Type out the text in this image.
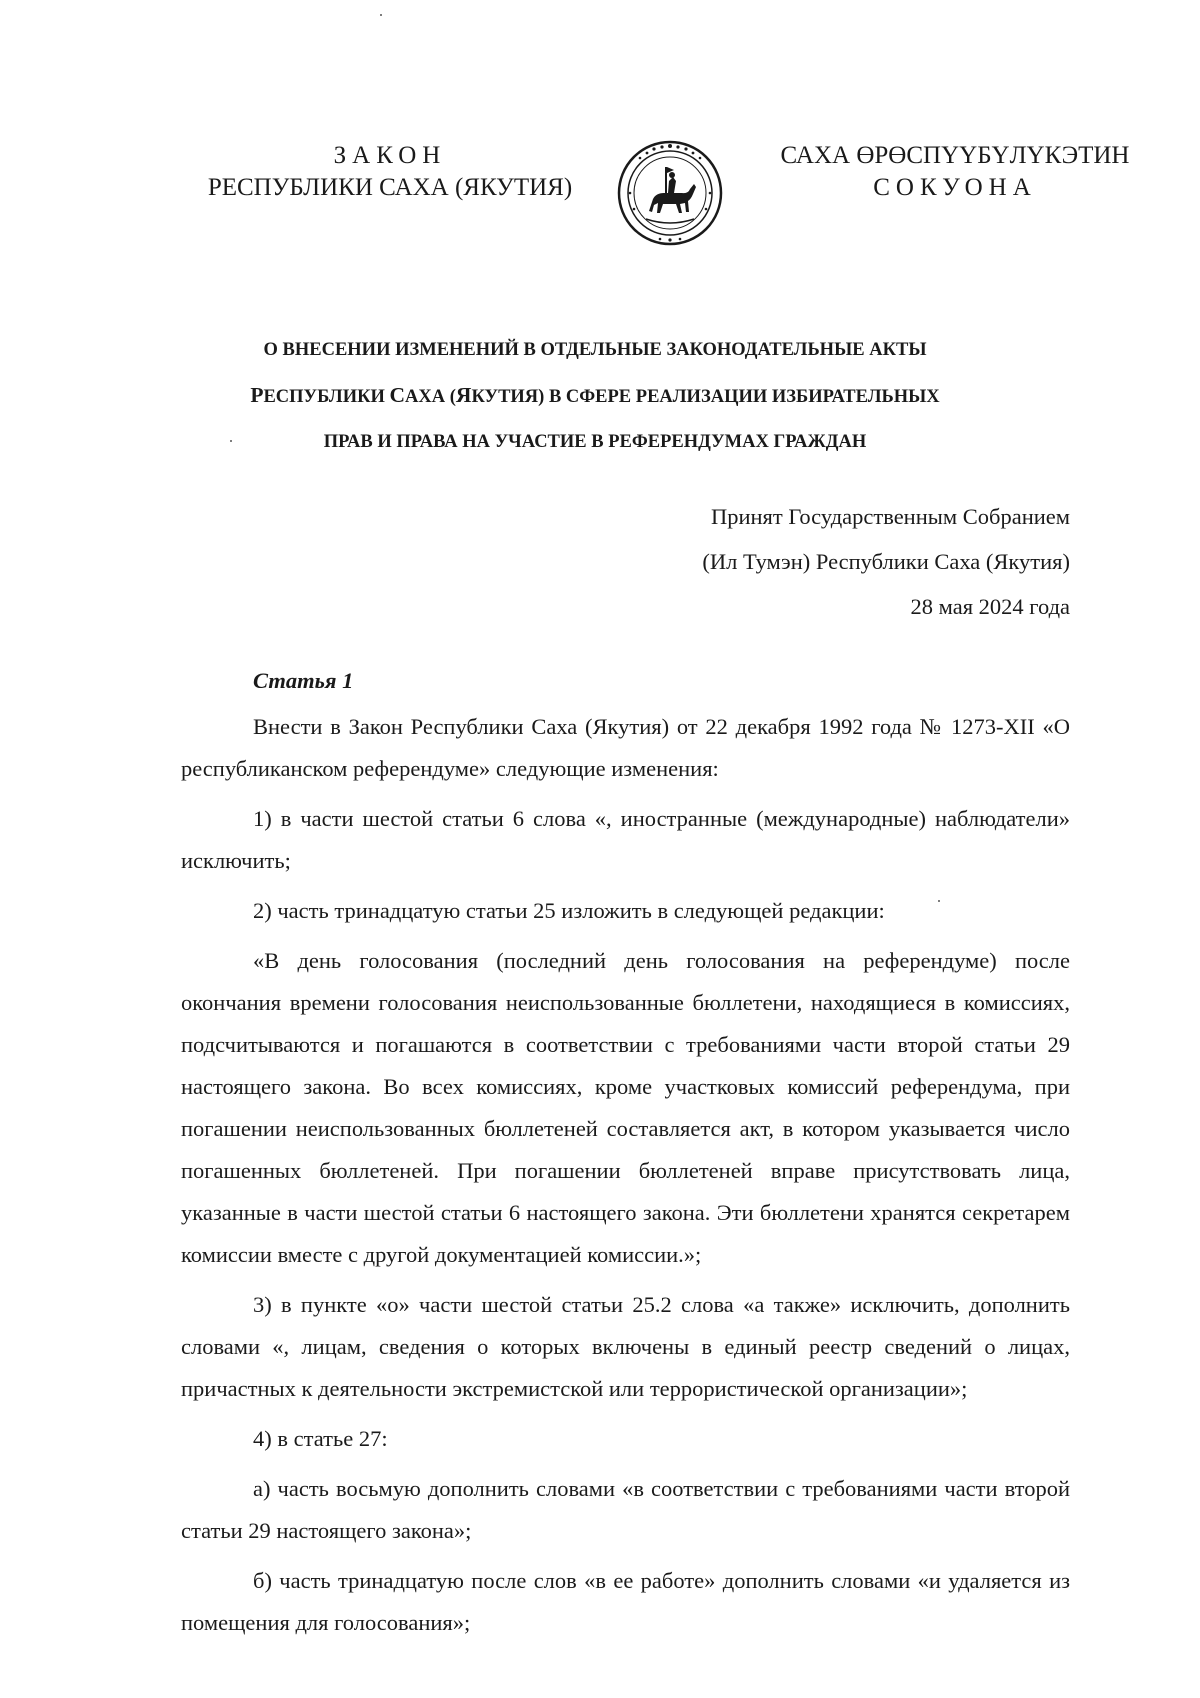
ЗАКОН
РЕСПУБЛИКИ САХА (ЯКУТИЯ)
САХА ӨРӨСПҮҮБҮЛҮКЭТИН
СОКУОНА
О ВНЕСЕНИИ ИЗМЕНЕНИЙ В ОТДЕЛЬНЫЕ ЗАКОНОДАТЕЛЬНЫЕ АКТЫ
РЕСПУБЛИКИ САХА (ЯКУТИЯ) В СФЕРЕ РЕАЛИЗАЦИИ ИЗБИРАТЕЛЬНЫХ
ПРАВ И ПРАВА НА УЧАСТИЕ В РЕФЕРЕНДУМАХ ГРАЖДАН
Принят Государственным Собранием
(Ил Тумэн) Республики Саха (Якутия)
28 мая 2024 года
Статья 1

Внести в Закон Республики Саха (Якутия) от 22 декабря 1992 года № 1273-XII «О республиканском референдуме» следующие изменения:

1) в части шестой статьи 6 слова «, иностранные (международные) наблюдатели» исключить;

2) часть тринадцатую статьи 25 изложить в следующей редакции:

«В день голосования (последний день голосования на референдуме) после окончания времени голосования неиспользованные бюллетени, находящиеся в комиссиях, подсчитываются и погашаются в соответствии с требованиями части второй статьи 29 настоящего закона. Во всех комиссиях, кроме участковых комиссий референдума, при погашении неиспользованных бюллетеней составляется акт, в котором указывается число погашенных бюллетеней. При погашении бюллетеней вправе присутствовать лица, указанные в части шестой статьи 6 настоящего закона. Эти бюллетени хранятся секретарем комиссии вместе с другой документацией комиссии.»;

3) в пункте «о» части шестой статьи 25.2 слова «а также» исключить, дополнить словами «, лицам, сведения о которых включены в единый реестр сведений о лицах, причастных к деятельности экстремистской или террористической организации»;

4) в статье 27:

а) часть восьмую дополнить словами «в соответствии с требованиями части второй статьи 29 настоящего закона»;

б) часть тринадцатую после слов «в ее работе» дополнить словами «и удаляется из помещения для голосования»;
